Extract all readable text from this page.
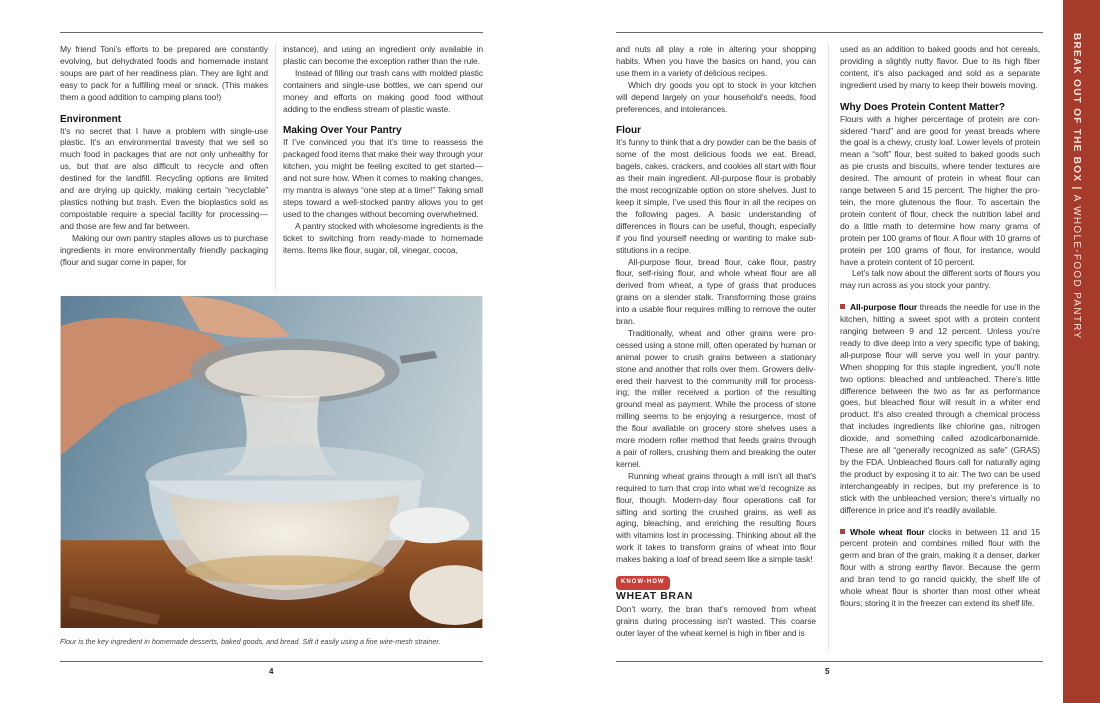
My friend Toni’s efforts to be prepared are constantly evolving, but dehydrated foods and homemade instant soups are part of her readiness plan. They are light and easy to pack for a fulfilling meal or snack. (This makes them a good addition to camping plans too!)

Environment

It’s no secret that I have a problem with single-use plastic. It’s an environmental travesty that we sell so much food in packages that are not only unhealthy for us, but that are also difficult to recycle and often destined for the landfill. Recycling options are limited and are drying up quickly, making certain “recyclable” plastics nothing but trash. Even the bioplastics sold as compostable require a special facility for processing—and those are few and far between.

Making our own pantry staples allows us to purchase ingredients in more environmentally friendly packaging (flour and sugar come in paper, for

instance), and using an ingredient only available in plastic can become the exception rather than the rule.

Instead of filling our trash cans with molded plastic containers and single-use bottles, we can spend our money and efforts on making good food without adding to the endless stream of plastic waste.

Making Over Your Pantry

If I’ve convinced you that it’s time to reassess the packaged food items that make their way through your kitchen, you might be feeling excited to get started—and not sure how. When it comes to making changes, my mantra is always “one step at a time!” Taking small steps toward a well-stocked pantry allows you to get used to the changes without becoming overwhelmed.

A pantry stocked with wholesome ingredients is the ticket to switching from ready-made to homemade items. Items like flour, sugar, oil, vinegar, cocoa,

Flour is the key ingredient in homemade desserts, baked goods, and bread. Sift it easily using a fine wire-mesh strainer.
4

and nuts all play a role in altering your shopping habits. When you have the basics on hand, you can use them in a variety of delicious recipes.

Which dry goods you opt to stock in your kitchen will depend largely on your household’s needs, food preferences, and intolerances.

Flour

It’s funny to think that a dry powder can be the basis of some of the most delicious foods we eat. Bread, bagels, cakes, crackers, and cookies all start with flour as their main ingredient. All-purpose flour is probably the most recognizable option on store shelves. Just to keep it simple, I’ve used this flour in all the recipes on the following pages. A basic understanding of differences in flours can be useful, though, especially if you find yourself needing or wanting to make substitutions in a recipe.

All-purpose flour, bread flour, cake flour, pastry flour, self-rising flour, and whole wheat flour are all derived from wheat, a type of grass that produces grains on a slender stalk. Transforming those grains into a usable flour requires milling to remove the outer bran.

Traditionally, wheat and other grains were processed using a stone mill, often operated by human or animal power to crush grains between a stationary stone and another that rolls over them. Growers delivered their harvest to the community mill for processing; the miller received a portion of the resulting ground meal as payment. While the process of stone milling seems to be enjoying a resurgence, most of the flour available on grocery store shelves uses a more modern roller method that feeds grains through a pair of rollers, crushing them and breaking the outer kernel.

Running wheat grains through a mill isn’t all that’s required to turn that crop into what we’d recognize as flour, though. Modern-day flour operations call for sifting and sorting the crushed grains, as well as aging, bleaching, and enriching the resulting flours with vitamins lost in processing. Thinking about all the work it takes to transform grains of wheat into flour makes baking a loaf of bread seem like a simple task!

KNOW-HOW
WHEAT BRAN

Don’t worry, the bran that’s removed from wheat grains during processing isn’t wasted. This coarse outer layer of the wheat kernel is high in fiber and is

used as an addition to baked goods and hot cereals, providing a slightly nutty flavor. Due to its high fiber content, it’s also packaged and sold as a separate ingredient used by many to keep their bowels moving.

Why Does Protein Content Matter?

Flours with a higher percentage of protein are considered “hard” and are good for yeast breads where the goal is a chewy, crusty loaf. Lower levels of protein mean a “soft” flour, best suited to baked goods such as pie crusts and biscuits, where tender textures are desired. The amount of protein in wheat flour can range between 5 and 15 percent. The higher the protein, the more glutenous the flour. To ascertain the protein content of flour, check the nutrition label and do a little math to determine how many grams of protein per 100 grams of flour. A flour with 10 grams of protein per 100 grams of flour, for instance, would have a protein content of 10 percent.

Let’s talk now about the different sorts of flours you may run across as you stock your pantry.

All-purpose flour threads the needle for use in the kitchen, hitting a sweet spot with a protein content ranging between 9 and 12 percent. Unless you’re ready to dive deep into a very specific type of baking, all-purpose flour will serve you well in your pantry. When shopping for this staple ingredient, you’ll note two options: bleached and unbleached. There’s little difference between the two as far as performance goes, but bleached flour will result in a whiter end product. It’s also created through a chemical process that includes ingredients like chlorine gas, nitrogen dioxide, and something called azodicarbonamide. These are all “generally recognized as safe” (GRAS) by the FDA. Unbleached flours call for naturally aging the product by exposing it to air. The two can be used interchangeably in recipes, but my preference is to stick with the unbleached version; there’s virtually no difference in price and it’s readily available.

Whole wheat flour clocks in between 11 and 15 percent protein and combines milled flour with the germ and bran of the grain, making it a denser, darker flour with a strong earthy flavor. Because the germ and bran tend to go rancid quickly, the shelf life of whole wheat flour is shorter than most other wheat flours; storing it in the freezer can extend its shelf life.

5
BREAK OUT OF THE BOX | A WHOLE-FOOD PANTRY
